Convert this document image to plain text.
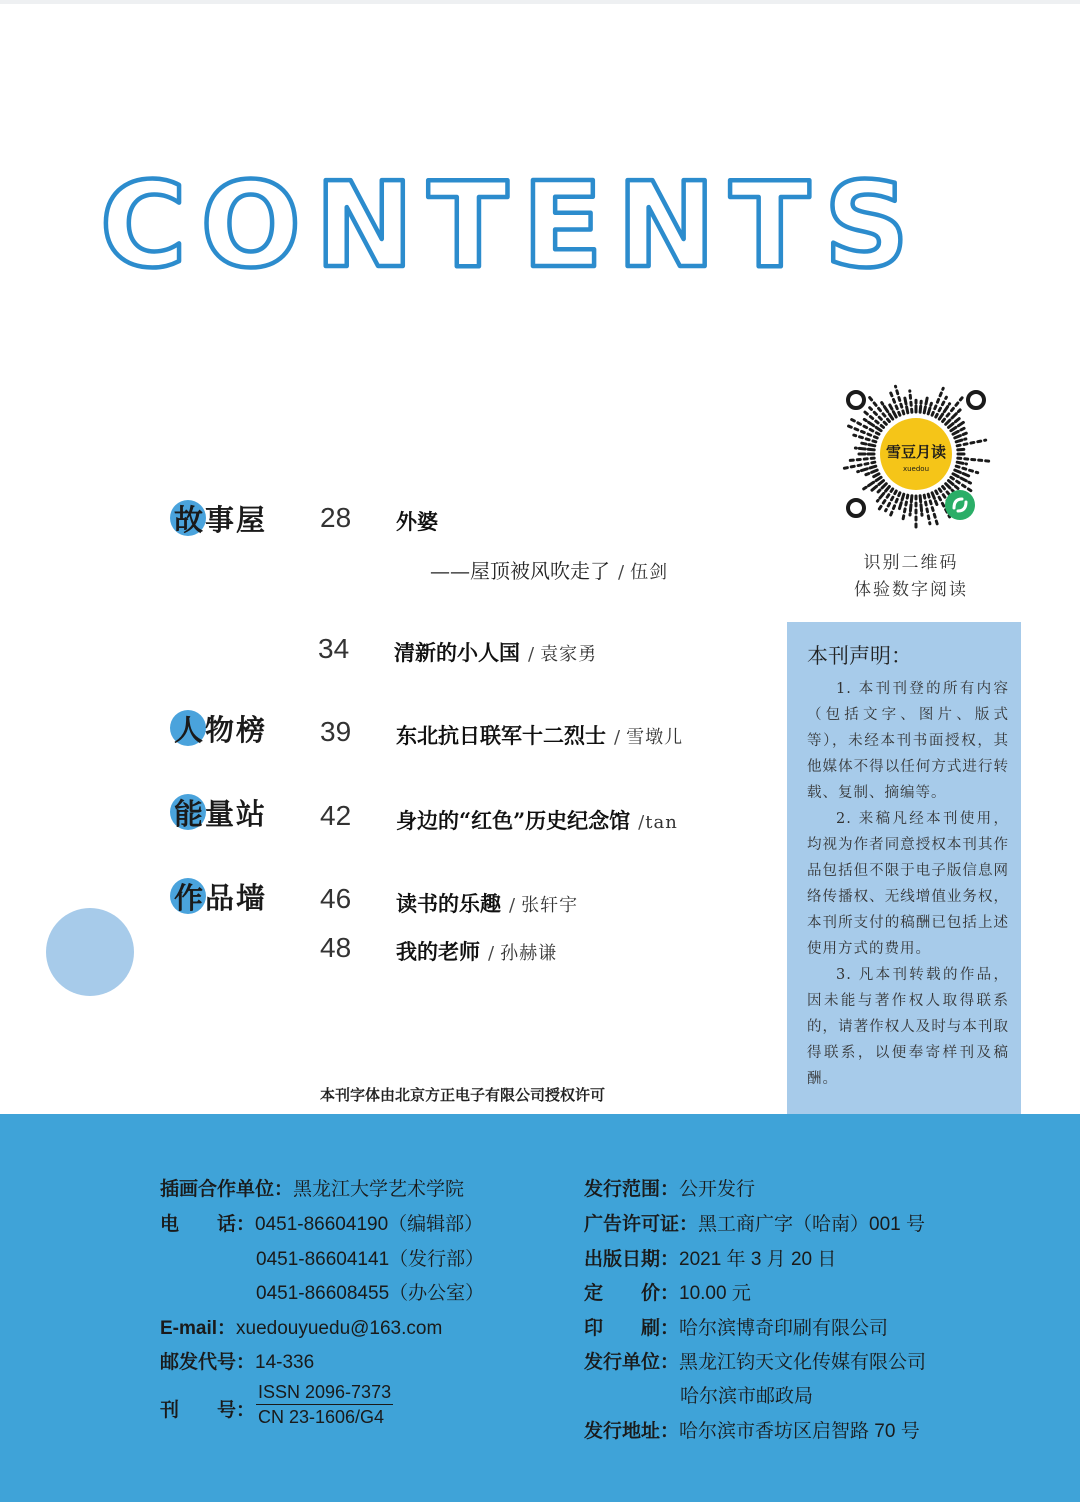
CONTENTS
雪豆月读
xuedou
识别二维码
体验数字阅读
故事屋 28 外婆
——屋顶被风吹走了 / 伍剑
34 清新的小人国 / 袁家勇
人物榜 39 东北抗日联军十二烈士 / 雪墩儿
能量站 42 身边的“红色”历史纪念馆 / tan
作品墙 46 读书的乐趣 / 张轩宇
48 我的老师 / 孙赫谦
本刊字体由北京方正电子有限公司授权许可
本刊声明：

1. 本刊刊登的所有内容（包括文字、图片、版式等），未经本刊书面授权，其他媒体不得以任何方式进行转载、复制、摘编等。

2. 来稿凡经本刊使用，均视为作者同意授权本刊其作品包括但不限于电子版信息网络传播权、无线增值业务权，本刊所支付的稿酬已包括上述使用方式的费用。

3. 凡本刊转载的作品，因未能与著作权人取得联系的，请著作权人及时与本刊取得联系，以便奉寄样刊及稿酬。

插画合作单位：黑龙江大学艺术学院
电　　话：0451-86604190（编辑部）
0451-86604141（发行部）
0451-86608455（办公室）
E-mail：xuedouyuedu@163.com
邮发代号：14-336
刊　　号：
ISSN 2096-7373
CN 23-1606/G4
发行范围：公开发行
广告许可证：黑工商广字（哈南）001 号
出版日期：2021 年 3 月 20 日
定　　价：10.00 元
印　　刷：哈尔滨博奇印刷有限公司
发行单位：黑龙江钧天文化传媒有限公司
哈尔滨市邮政局
发行地址：哈尔滨市香坊区启智路 70 号
